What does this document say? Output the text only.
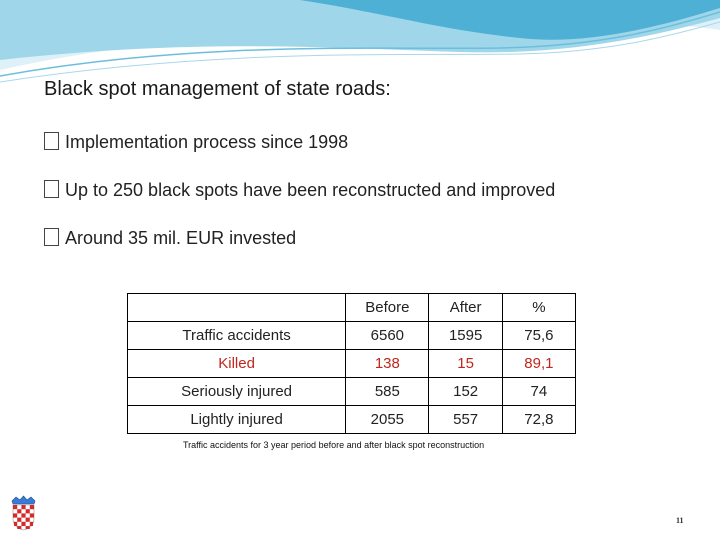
Black spot management of state roads:
Implementation process since 1998
Up to 250 black spots have been reconstructed and improved
Around 35 mil. EUR invested
	Before	After	%
Traffic accidents	6560	1595	75,6
Killed	138	15	89,1
Seriously injured	585	152	74
Lightly injured	2055	557	72,8
Traffic accidents for 3 year period before and after black spot reconstruction
11
